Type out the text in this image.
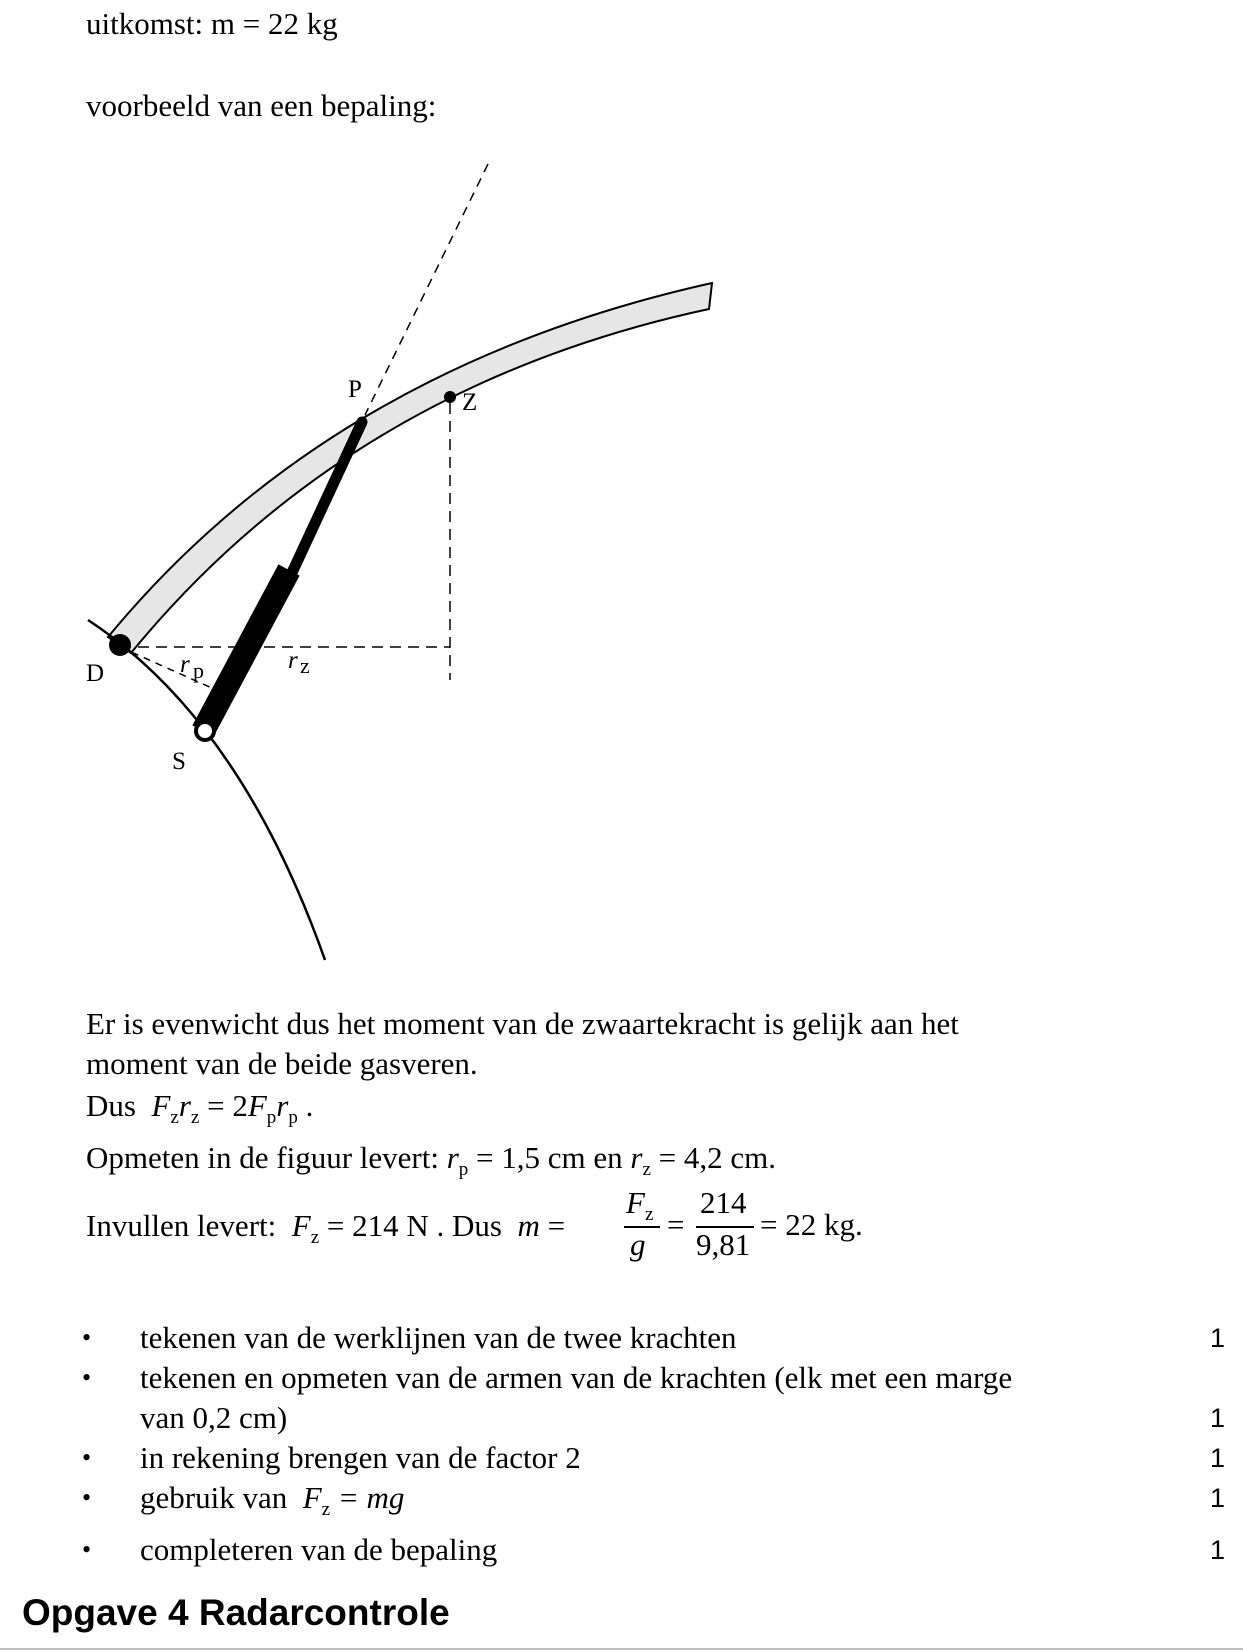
uitkomst: m = 22 kg
voorbeeld van een bepaling:
P	Z
D
S
r p	r z
Er is evenwicht dus het moment van de zwaartekracht is gelijk aan het
moment van de beide gasveren.
Dus $F_zr_z = 2F_pr_p$ .
Opmeten in de figuur levert: $r_p = 1,5$ cm en $r_z = 4,2$ cm.
Invullen levert: $F_z = 214$ N . Dus m =
$F_z$
g
=
214
9,81
= 22 kg.
• tekenen van de werklijnen van de twee krachten	1
• tekenen en opmeten van de armen van de krachten (elk met een marge
van 0,2 cm)	1
• in rekening brengen van de factor 2	1
• gebruik van $F_z$ = mg	1
• completeren van de bepaling	1
Opgave 4 Radarcontrole
